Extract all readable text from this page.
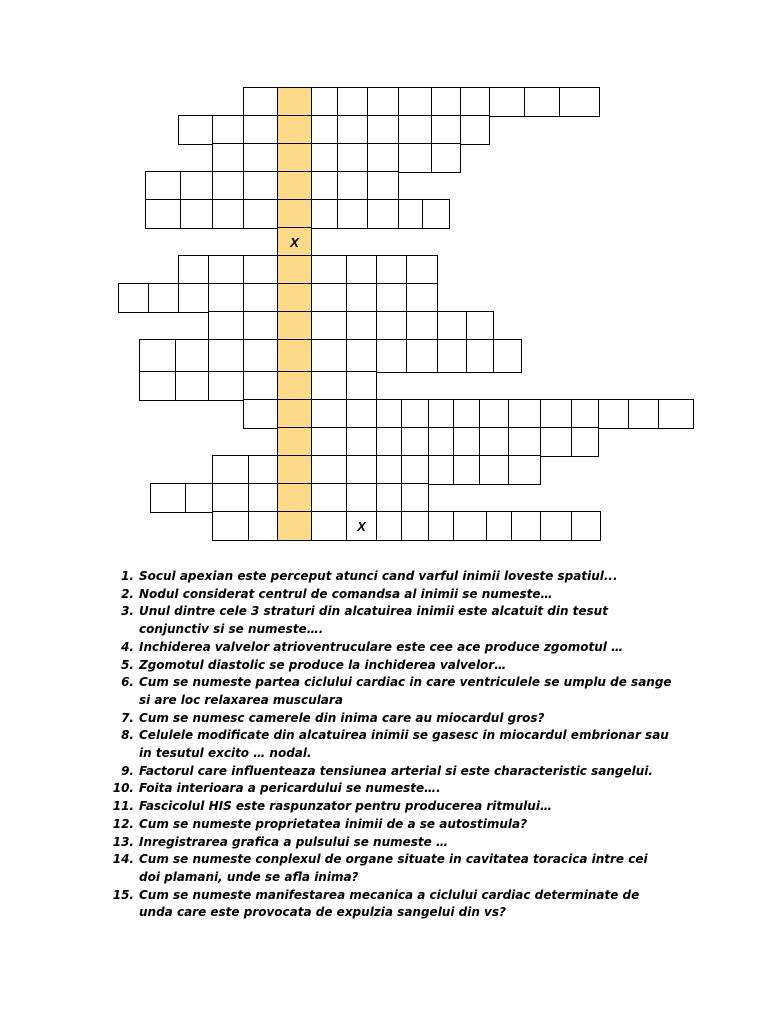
X
X
1. Socul apexian este perceput atunci cand varful inimii loveste spatiul...
2. Nodul considerat centrul de comandsa al inimii se numeste…
3. Unul dintre cele 3 straturi din alcatuirea inimii este alcatuit din tesut conjunctiv si se numeste….
4. Inchiderea valvelor atrioventruculare este cee ace produce zgomotul …
5. Zgomotul diastolic se produce la inchiderea valvelor…
6. Cum se numeste partea ciclului cardiac in care ventriculele se umplu de sange si are loc relaxarea musculara
7. Cum se numesc camerele din inima care au miocardul gros?
8. Celulele modificate din alcatuirea inimii se gasesc in miocardul embrionar sau in tesutul excito … nodal.
9. Factorul care influenteaza tensiunea arterial si este characteristic sangelui.
10. Foita interioara a pericardului se numeste….
11. Fascicolul HIS este raspunzator pentru producerea ritmului…
12. Cum se numeste proprietatea inimii de a se autostimula?
13. Inregistrarea grafica a pulsului se numeste …
14. Cum se numeste conplexul de organe situate in cavitatea toracica intre cei doi plamani, unde se afla inima?
15. Cum se numeste manifestarea mecanica a ciclului cardiac determinate de unda care este provocata de expulzia sangelui din vs?
